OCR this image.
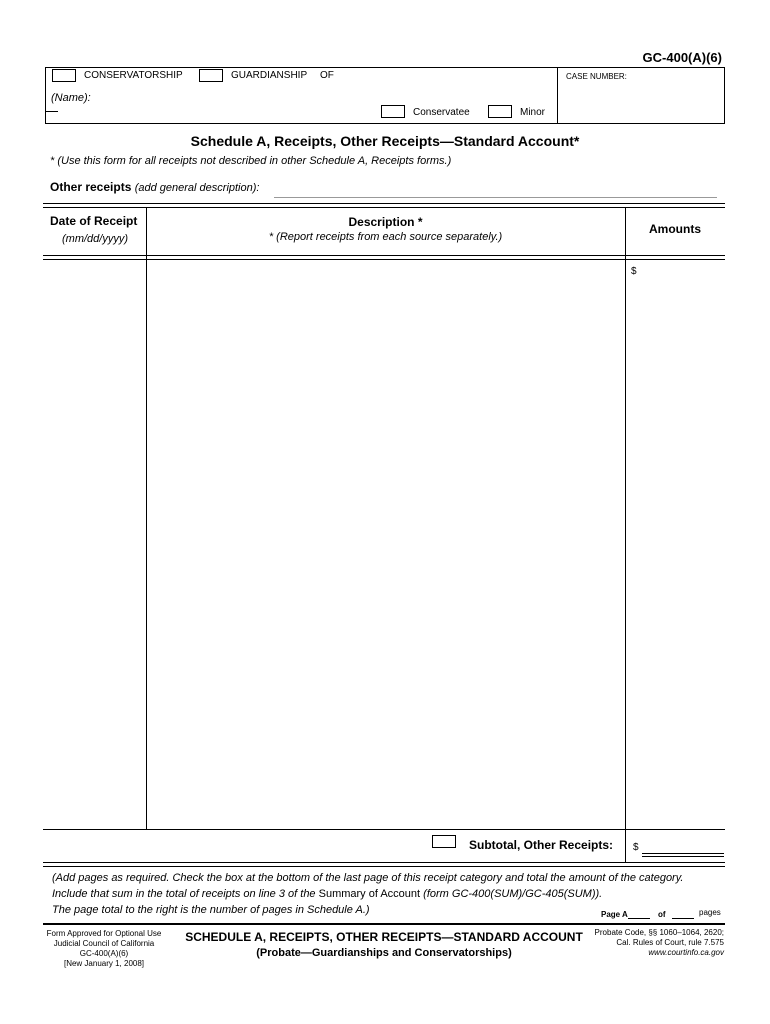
GC-400(A)(6)
CONSERVATORSHIP	GUARDIANSHIP OF	CASE NUMBER:
(Name):
Conservatee	Minor
Schedule A, Receipts, Other Receipts—Standard Account*
* (Use this form for all receipts not described in other Schedule A, Receipts forms.)
Other receipts (add general description):
Date of Receipt
(mm/dd/yyyy)
Description *
* (Report receipts from each source separately.)
Amounts
$
Subtotal, Other Receipts: $
(Add pages as required. Check the box at the bottom of the last page of this receipt category and total the amount of the category.
Include that sum in the total of receipts on line 3 of the Summary of Account (form GC-400(SUM)/GC-405(SUM)).
The page total to the right is the number of pages in Schedule A.)	Page A	of	pages
Form Approved for Optional Use
Judicial Council of California
GC-400(A)(6)
[New January 1, 2008]
SCHEDULE A, RECEIPTS, OTHER RECEIPTS—STANDARD ACCOUNT
(Probate—Guardianships and Conservatorships)
Probate Code, §§ 1060–1064, 2620;
Cal. Rules of Court, rule 7.575
www.courtinfo.ca.gov
